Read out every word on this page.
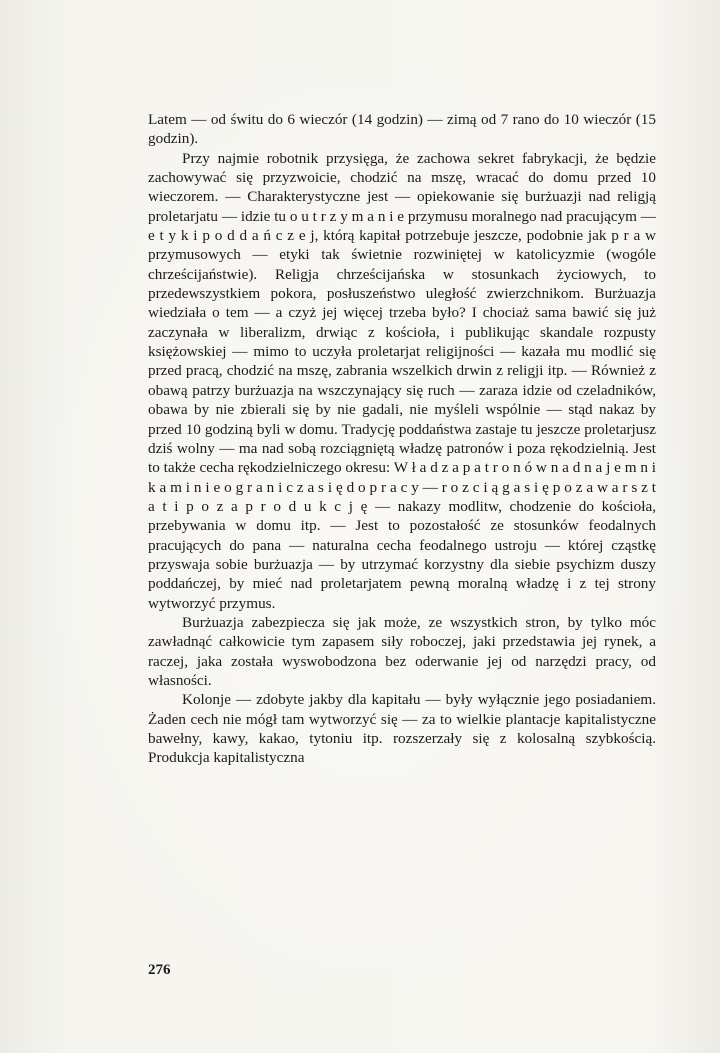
Latem — od świtu do 6 wieczór (14 godzin) — zimą od 7 rano do 10 wieczór (15 godzin).

Przy najmie robotnik przysięga, że zachowa sekret fabrykacji, że będzie zachowywać się przyzwoicie, chodzić na mszę, wracać do domu przed 10 wieczorem. — Charakterystyczne jest — opiekowanie się burżuazji nad religją proletarjatu — idzie tu o u t r z y m a n i e przymusu moralnego nad pracującym — e t y k i p o d d a ń c z e j, którą kapitał potrzebuje jeszcze, podobnie jak p r a w przymusowych — etyki tak świetnie rozwiniętej w katolicyzmie (wogóle chrześcijaństwie). Religja chrześcijańska w stosunkach życiowych, to przedewszystkiem pokora, posłuszeństwo uległość zwierzchnikom. Burżuazja wiedziała o tem — a czyż jej więcej trzeba było? I chociaż sama bawić się już zaczynała w liberalizm, drwiąc z kościoła, i publikując skandale rozpusty księżowskiej — mimo to uczyła proletarjat religijności — kazała mu modlić się przed pracą, chodzić na mszę, zabrania wszelkich drwin z religji itp. — Również z obawą patrzy burżuazja na wszczynający się ruch — zaraza idzie od czeladników, obawa by nie zbierali się by nie gadali, nie myśleli wspólnie — stąd nakaz by przed 10 godziną byli w domu. Tradycję poddaństwa zastaje tu jeszcze proletarjusz dziś wolny — ma nad sobą rozciągniętą władzę patronów i poza rękodzielnią. Jest to także cecha rękodzielniczego okresu: W ł a d z a p a t r o n ó w n a d n a j e m n i k a m i n i e o g r a n i c z a s i ę d o p r a c y — r o z c i ą g a s i ę p o z a w a r s z t a t i p o z a p r o d u k c j ę — nakazy modlitw, chodzenie do kościoła, przebywania w domu itp. — Jest to pozostałość ze stosunków feodalnych pracujących do pana — naturalna cecha feodalnego ustroju — której cząstkę przyswaja sobie burżuazja — by utrzymać korzystny dla siebie psychizm duszy poddańczej, by mieć nad proletarjatem pewną moralną władzę i z tej strony wytworzyć przymus.

Burżuazja zabezpiecza się jak może, ze wszystkich stron, by tylko móc zawładnąć całkowicie tym zapasem siły roboczej, jaki przedstawia jej rynek, a raczej, jaka została wyswobodzona bez oderwanie jej od narzędzi pracy, od własności.

Kolonje — zdobyte jakby dla kapitału — były wyłącznie jego posiadaniem. Żaden cech nie mógł tam wytworzyć się — za to wielkie plantacje kapitalistyczne bawełny, kawy, kakao, tytoniu itp. rozszerzały się z kolosalną szybkością. Produkcja kapitalistyczna

276
